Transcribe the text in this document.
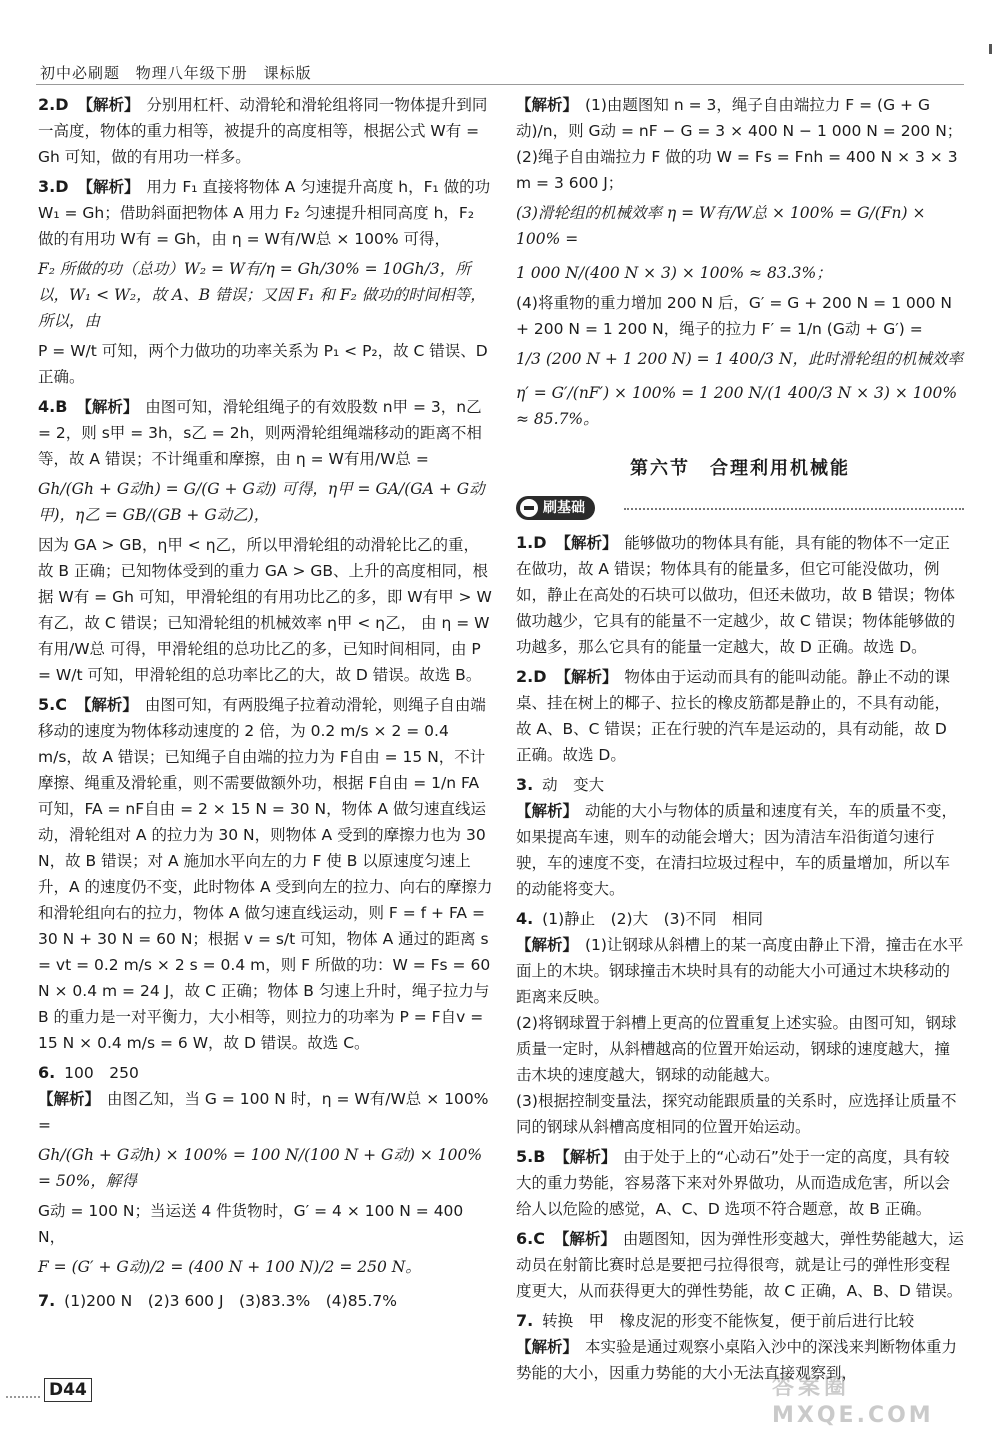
初中必刷题 物理八年级下册 课标版
2.D 【解析】 分别用杠杆、动滑轮和滑轮组将同一物体提升到同一高度，物体的重力相等，被提升的高度相等，根据公式 W有 = Gh 可知，做的有用功一样多。
3.D 【解析】 用力 F₁ 直接将物体 A 匀速提升高度 h，F₁ 做的功 W₁ = Gh；借助斜面把物体 A 用力 F₂ 匀速提升相同高度 h，F₂ 做的有用功 W有 = Gh，由 η = W有/W总 × 100% 可得，
F₂ 所做的功（总功）W₂ = W有/η = Gh/30% = 10Gh/3，所以，W₁ < W₂，故 A、B 错误；又因 F₁ 和 F₂ 做功的时间相等，所以，由
P = W/t 可知，两个力做功的功率关系为 P₁ < P₂，故 C 错误、D 正确。
4.B 【解析】 由图可知，滑轮组绳子的有效股数 n甲 = 3，n乙 = 2，则 s甲 = 3h，s乙 = 2h，则两滑轮组绳端移动的距离不相等，故 A 错误；不计绳重和摩擦，由 η = W有用/W总 =
Gh/(Gh + G动h) = G/(G + G动) 可得，η甲 = GA/(GA + G动甲)，η乙 = GB/(GB + G动乙)，
因为 GA > GB，η甲 < η乙，所以甲滑轮组的动滑轮比乙的重，故 B 正确；已知物体受到的重力 GA > GB、上升的高度相同，根据 W有 = Gh 可知，甲滑轮组的有用功比乙的多，即 W有甲 > W有乙，故 C 错误；已知滑轮组的机械效率 η甲 < η乙， 由 η = W有用/W总 可得，甲滑轮组的总功比乙的多，已知时间相同，由 P = W/t 可知，甲滑轮组的总功率比乙的大，故 D 错误。故选 B。
5.C 【解析】 由图可知，有两股绳子拉着动滑轮，则绳子自由端移动的速度为物体移动速度的 2 倍，为 0.2 m/s × 2 = 0.4 m/s，故 A 错误；已知绳子自由端的拉力为 F自由 = 15 N，不计摩擦、绳重及滑轮重，则不需要做额外功，根据 F自由 = 1/n FA 可知，FA = nF自由 = 2 × 15 N = 30 N，物体 A 做匀速直线运动，滑轮组对 A 的拉力为 30 N，则物体 A 受到的摩擦力也为 30 N，故 B 错误；对 A 施加水平向左的力 F 使 B 以原速度匀速上升，A 的速度仍不变，此时物体 A 受到向左的拉力、向右的摩擦力和滑轮组向右的拉力，物体 A 做匀速直线运动，则 F = f + FA = 30 N + 30 N = 60 N；根据 v = s/t 可知，物体 A 通过的距离 s = vt = 0.2 m/s × 2 s = 0.4 m，则 F 所做的功：W = Fs = 60 N × 0.4 m = 24 J，故 C 正确；物体 B 匀速上升时，绳子拉力与 B 的重力是一对平衡力，大小相等，则拉力的功率为 P = F自v = 15 N × 0.4 m/s = 6 W，故 D 错误。故选 C。
6. 100　250
【解析】 由图乙知，当 G = 100 N 时，η = W有/W总 × 100% =
Gh/(Gh + G动h) × 100% = 100 N/(100 N + G动) × 100% = 50%，解得
G动 = 100 N；当运送 4 件货物时，G′ = 4 × 100 N = 400 N，
F = (G′ + G动)/2 = (400 N + 100 N)/2 = 250 N。
7. (1)200 N　(2)3 600 J　(3)83.3%　(4)85.7%
【解析】 (1)由题图知 n = 3，绳子自由端拉力 F = (G + G动)/n，则 G动 = nF − G = 3 × 400 N − 1 000 N = 200 N；
(2)绳子自由端拉力 F 做的功 W = Fs = Fnh = 400 N × 3 × 3 m = 3 600 J；
(3)滑轮组的机械效率 η = W有/W总 × 100% = G/(Fn) × 100% =
1 000 N/(400 N × 3) × 100% ≈ 83.3%；
(4)将重物的重力增加 200 N 后，G′ = G + 200 N = 1 000 N + 200 N = 1 200 N，绳子的拉力 F′ = 1/n (G动 + G′) =
1/3 (200 N + 1 200 N) = 1 400/3 N，此时滑轮组的机械效率
η′ = G′/(nF′) × 100% = 1 200 N/(1 400/3 N × 3) × 100% ≈ 85.7%。
第六节　合理利用机械能
刷基础
1.D 【解析】 能够做功的物体具有能，具有能的物体不一定正在做功，故 A 错误；物体具有的能量多，但它可能没做功，例如，静止在高处的石块可以做功，但还未做功，故 B 错误；物体做功越少，它具有的能量不一定越少，故 C 错误；物体能够做的功越多，那么它具有的能量一定越大，故 D 正确。故选 D。
2.D 【解析】 物体由于运动而具有的能叫动能。静止不动的课桌、挂在树上的椰子、拉长的橡皮筋都是静止的，不具有动能，故 A、B、C 错误；正在行驶的汽车是运动的，具有动能，故 D 正确。故选 D。
3. 动　变大
【解析】 动能的大小与物体的质量和速度有关，车的质量不变，如果提高车速，则车的动能会增大；因为清洁车沿街道匀速行驶，车的速度不变，在清扫垃圾过程中，车的质量增加，所以车的动能将变大。
4. (1)静止　(2)大　(3)不同　相同
【解析】 (1)让钢球从斜槽上的某一高度由静止下滑，撞击在水平面上的木块。钢球撞击木块时具有的动能大小可通过木块移动的距离来反映。
(2)将钢球置于斜槽上更高的位置重复上述实验。由图可知，钢球质量一定时，从斜槽越高的位置开始运动，钢球的速度越大，撞击木块的速度越大，钢球的动能越大。
(3)根据控制变量法，探究动能跟质量的关系时，应选择让质量不同的钢球从斜槽高度相同的位置开始运动。
5.B 【解析】 由于处于上的“心动石”处于一定的高度，具有较大的重力势能，容易落下来对外界做功，从而造成危害，所以会给人以危险的感觉，A、C、D 选项不符合题意，故 B 正确。
6.C 【解析】 由题图知，因为弹性形变越大，弹性势能越大，运动员在射箭比赛时总是要把弓拉得很弯，就是让弓的弹性形变程度更大，从而获得更大的弹性势能，故 C 正确，A、B、D 错误。
7. 转换　甲　橡皮泥的形变不能恢复，便于前后进行比较
【解析】 本实验是通过观察小桌陷入沙中的深浅来判断物体重力势能的大小，因重力势能的大小无法直接观察到，
D44	答案圈
MXQE.COM
